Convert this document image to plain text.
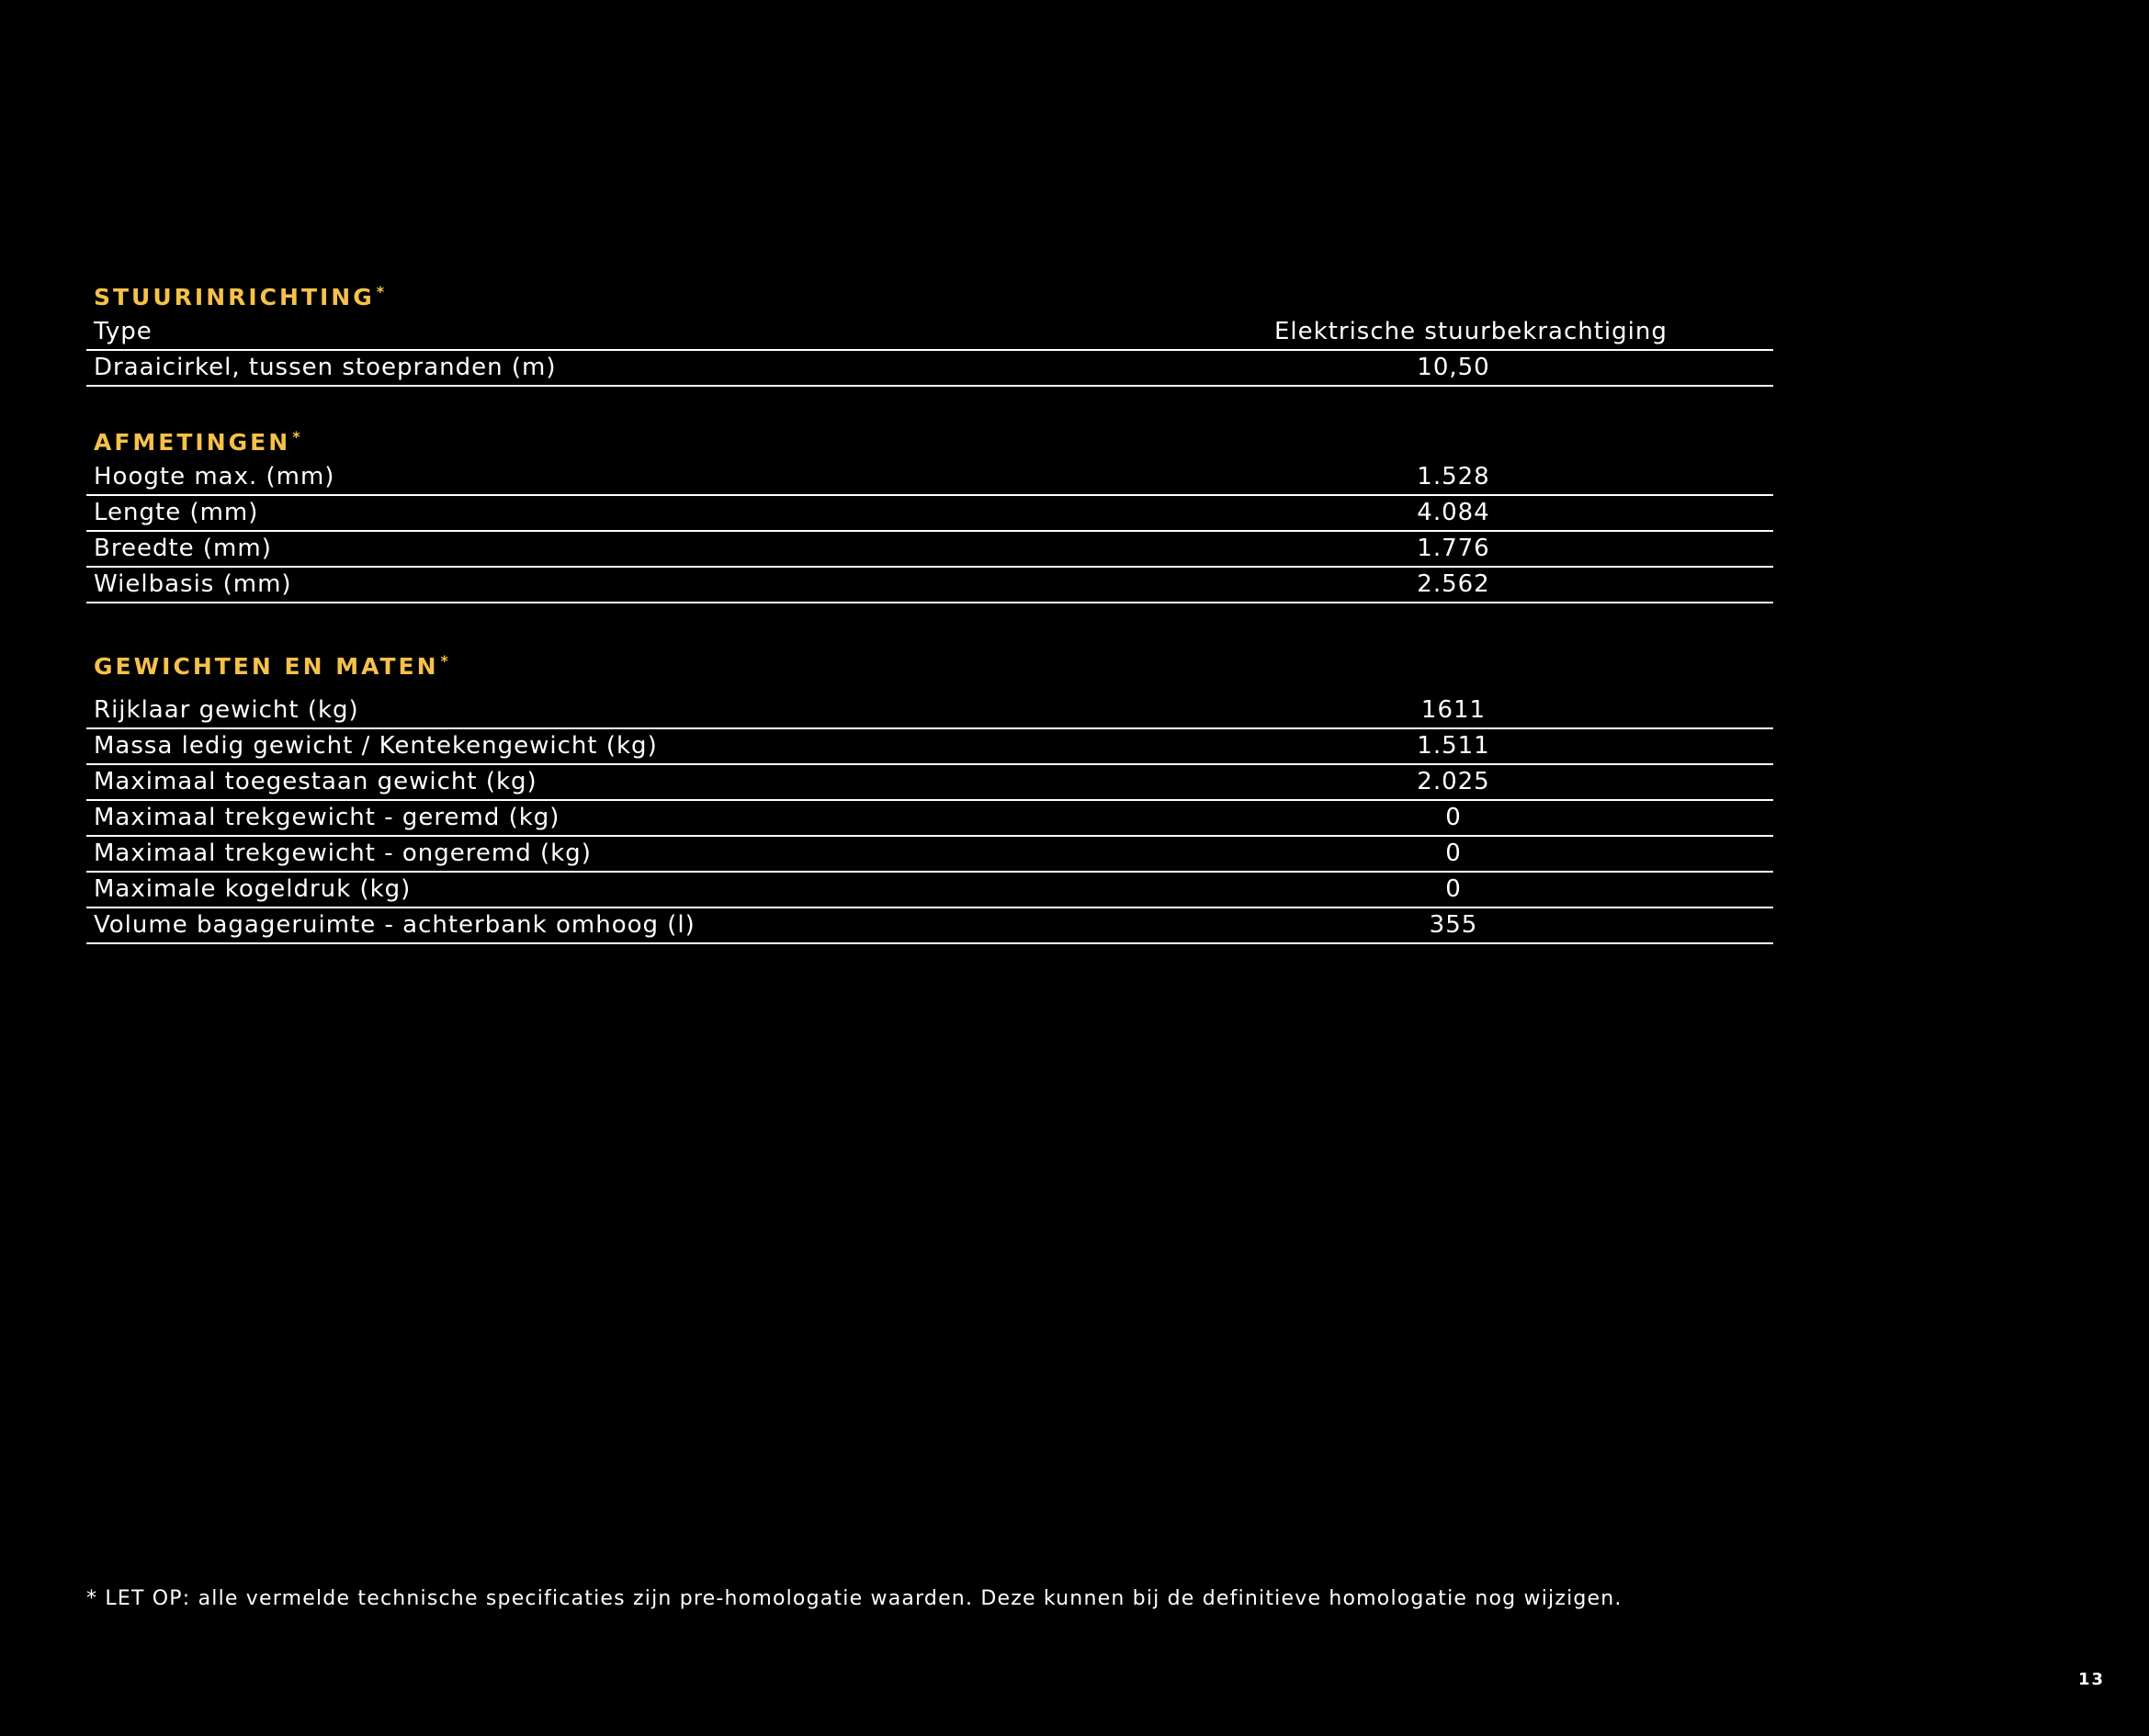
STUURINRICHTING *
Type	Elektrische stuurbekrachtiging
Draaicirkel, tussen stoepranden (m)	10,50
AFMETINGEN *
Hoogte max. (mm)	1.528
Lengte (mm)	4.084
Breedte (mm)	1.776
Wielbasis (mm)	2.562
GEWICHTEN EN MATEN *
Rijklaar gewicht (kg)	1611
Massa ledig gewicht / Kentekengewicht (kg)	1.511
Maximaal toegestaan gewicht (kg)	2.025
Maximaal trekgewicht - geremd (kg)	0
Maximaal trekgewicht - ongeremd (kg)	0
Maximale kogeldruk (kg)	0
Volume bagageruimte - achterbank omhoog (l)	355
* LET OP: alle vermelde technische specificaties zijn pre-homologatie waarden. Deze kunnen bij de definitieve homologatie nog wijzigen.
13
